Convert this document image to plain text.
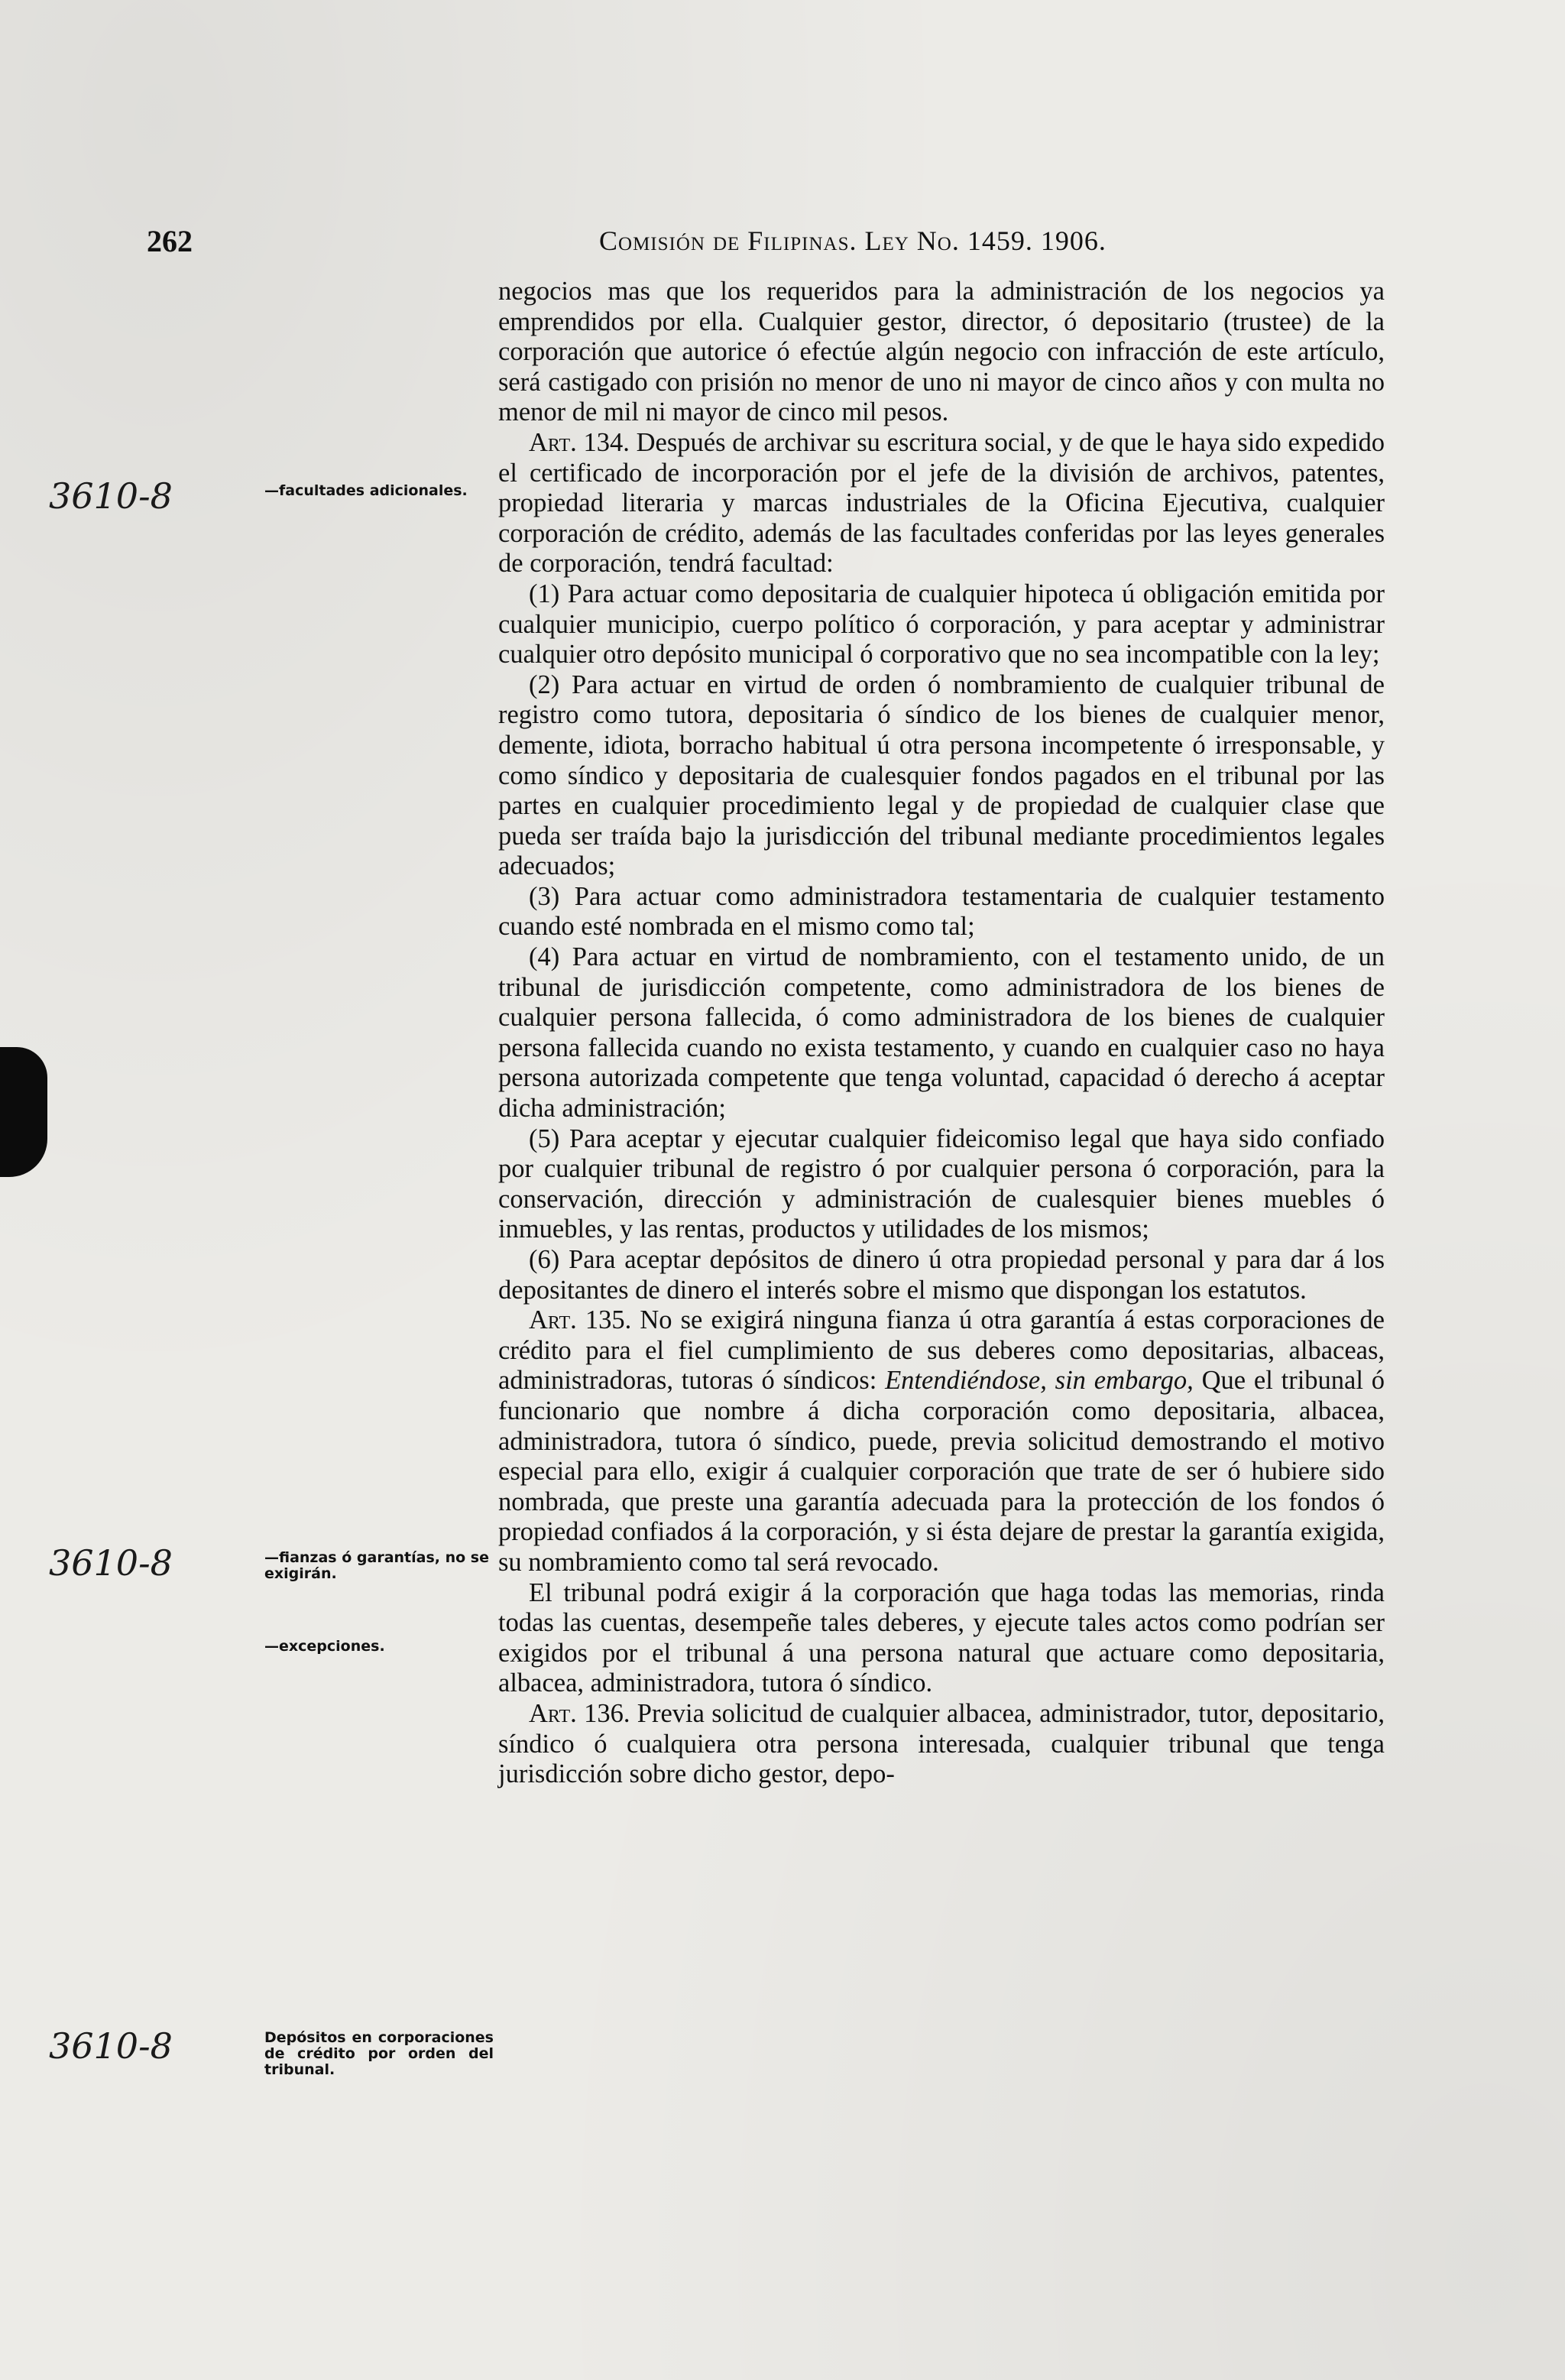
262	Comisión de Filipinas. Ley No. 1459. 1906.
3610-8
3610-8
3610-8
—facultades adicionales.
—fianzas ó garantías, no se exigirán.
—excepciones.
Depósitos en corporaciones de crédito por orden del tribunal.

negocios mas que los requeridos para la administración de los negocios ya emprendidos por ella. Cualquier gestor, director, ó depositario (trustee) de la corporación que autorice ó efectúe algún negocio con infracción de este artículo, será castigado con prisión no menor de uno ni mayor de cinco años y con multa no menor de mil ni mayor de cinco mil pesos.

Art. 134. Después de archivar su escritura social, y de que le haya sido expedido el certificado de incorporación por el jefe de la división de archivos, patentes, propiedad literaria y marcas industriales de la Oficina Ejecutiva, cualquier corporación de crédito, además de las facultades conferidas por las leyes generales de corporación, tendrá facultad:

(1) Para actuar como depositaria de cualquier hipoteca ú obligación emitida por cualquier municipio, cuerpo político ó corporación, y para aceptar y administrar cualquier otro depósito municipal ó corporativo que no sea incompatible con la ley;

(2) Para actuar en virtud de orden ó nombramiento de cualquier tribunal de registro como tutora, depositaria ó síndico de los bienes de cualquier menor, demente, idiota, borracho habitual ú otra persona incompetente ó irresponsable, y como síndico y depositaria de cualesquier fondos pagados en el tribunal por las partes en cualquier procedimiento legal y de propiedad de cualquier clase que pueda ser traída bajo la jurisdicción del tribunal mediante procedimientos legales adecuados;

(3) Para actuar como administradora testamentaria de cualquier testamento cuando esté nombrada en el mismo como tal;

(4) Para actuar en virtud de nombramiento, con el testamento unido, de un tribunal de jurisdicción competente, como administradora de los bienes de cualquier persona fallecida, ó como administradora de los bienes de cualquier persona fallecida cuando no exista testamento, y cuando en cualquier caso no haya persona autorizada competente que tenga voluntad, capacidad ó derecho á aceptar dicha administración;

(5) Para aceptar y ejecutar cualquier fideicomiso legal que haya sido confiado por cualquier tribunal de registro ó por cualquier persona ó corporación, para la conservación, dirección y administración de cualesquier bienes muebles ó inmuebles, y las rentas, productos y utilidades de los mismos;

(6) Para aceptar depósitos de dinero ú otra propiedad personal y para dar á los depositantes de dinero el interés sobre el mismo que dispongan los estatutos.

Art. 135. No se exigirá ninguna fianza ú otra garantía á estas corporaciones de crédito para el fiel cumplimiento de sus deberes como depositarias, albaceas, administradoras, tutoras ó síndicos: Entendiéndose, sin embargo, Que el tribunal ó funcionario que nombre á dicha corporación como depositaria, albacea, administradora, tutora ó síndico, puede, previa solicitud demostrando el motivo especial para ello, exigir á cualquier corporación que trate de ser ó hubiere sido nombrada, que preste una garantía adecuada para la protección de los fondos ó propiedad confiados á la corporación, y si ésta dejare de prestar la garantía exigida, su nombramiento como tal será revocado.

El tribunal podrá exigir á la corporación que haga todas las memorias, rinda todas las cuentas, desempeñe tales deberes, y ejecute tales actos como podrían ser exigidos por el tribunal á una persona natural que actuare como depositaria, albacea, administradora, tutora ó síndico.

Art. 136. Previa solicitud de cualquier albacea, administrador, tutor, depositario, síndico ó cualquiera otra persona interesada, cualquier tribunal que tenga jurisdicción sobre dicho gestor, depo-
